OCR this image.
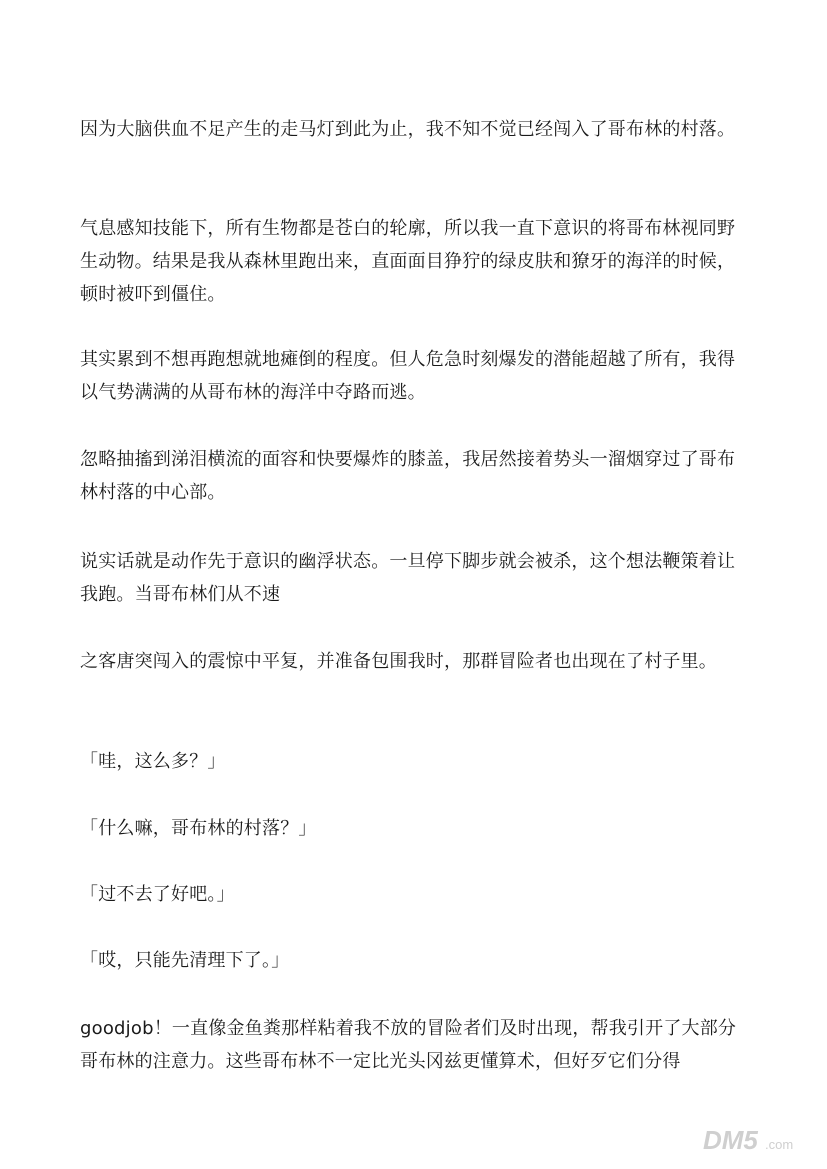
因为大脑供血不足产生的走马灯到此为止，我不知不觉已经闯入了哥布林的村落。

气息感知技能下，所有生物都是苍白的轮廓，所以我一直下意识的将哥布林视同野生动物。结果是我从森林里跑出来，直面面目狰狞的绿皮肤和獠牙的海洋的时候，顿时被吓到僵住。

其实累到不想再跑想就地瘫倒的程度。但人危急时刻爆发的潜能超越了所有，我得以气势满满的从哥布林的海洋中夺路而逃。

忽略抽搐到涕泪横流的面容和快要爆炸的膝盖，我居然接着势头一溜烟穿过了哥布林村落的中心部。

说实话就是动作先于意识的幽浮状态。一旦停下脚步就会被杀，这个想法鞭策着让我跑。当哥布林们从不速

之客唐突闯入的震惊中平复，并准备包围我时，那群冒险者也出现在了村子里。

「哇，这么多？」

「什么嘛，哥布林的村落？」

「过不去了好吧。」

「哎，只能先清理下了。」

goodjob！一直像金鱼粪那样粘着我不放的冒险者们及时出现，帮我引开了大部分哥布林的注意力。这些哥布林不一定比光头冈兹更懂算术，但好歹它们分得

DM5 .com
